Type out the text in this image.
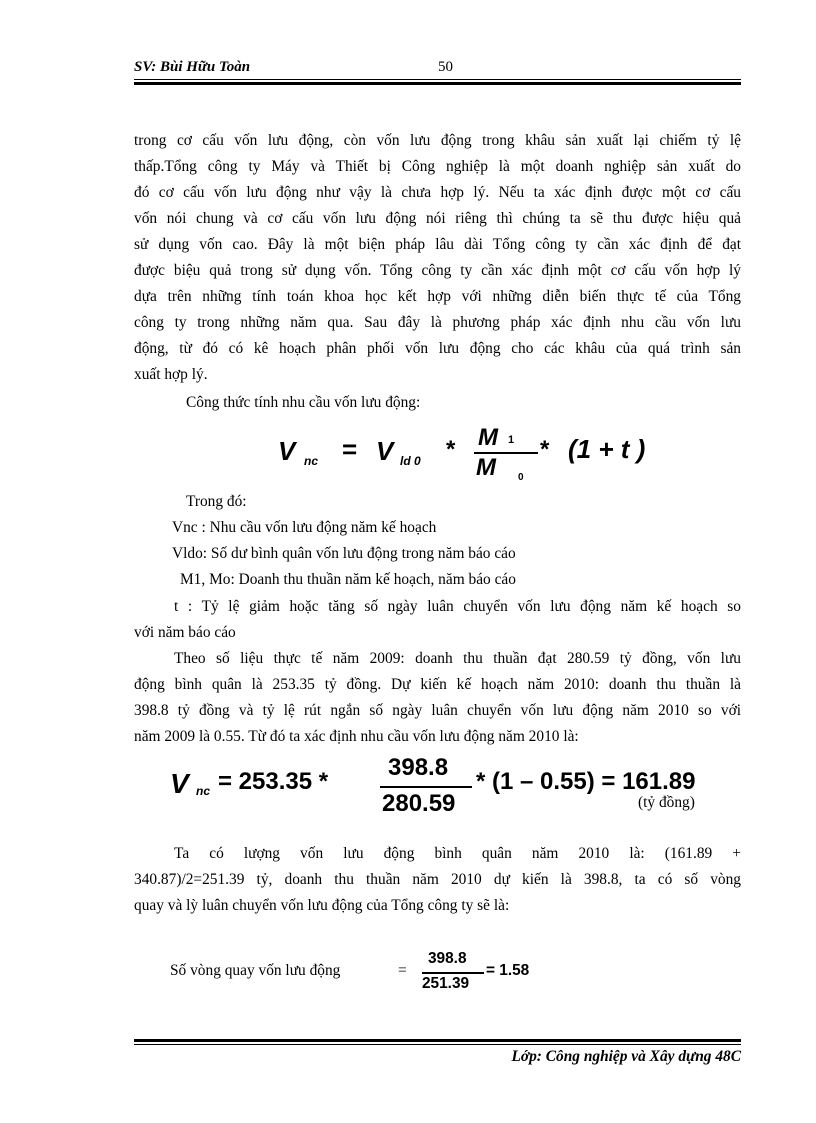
SV: Bùi Hữu Toàn	50
trong cơ cấu vốn lưu động, còn vốn lưu động trong khâu sản xuất lại chiếm tỷ lệ
thấp.Tổng công ty Máy và Thiết bị Công nghiệp là một doanh nghiệp sản xuất do
đó cơ cấu vốn lưu động như vậy là chưa hợp lý. Nếu ta xác định được một cơ cấu
vốn nói chung và cơ cấu vốn lưu động nói riêng thì chúng ta sẽ thu được hiệu quả
sử dụng vốn cao. Đây là một biện pháp lâu dài Tổng công ty cần xác định để đạt
được biệu quả trong sử dụng vốn. Tổng công ty cần xác định một cơ cấu vốn hợp lý
dựa trên những tính toán khoa học kết hợp với những diễn biến thực tế của Tổng
công ty trong những năm qua. Sau đây là phương pháp xác định nhu cầu vốn lưu
động, từ đó có kê hoạch phân phối vốn lưu động cho các khâu của quá trình sản
xuất hợp lý.
Công thức tính nhu cầu vốn lưu động:
V nc = V ld 0 * M 1
M 0
* (1 + t )
Trong đó:
Vnc : Nhu cầu vốn lưu động năm kế hoạch
Vldo: Số dư bình quân vốn lưu động trong năm báo cáo
M1, Mo: Doanh thu thuần năm kế hoạch, năm báo cáo
t : Tỷ lệ giảm hoặc tăng số ngày luân chuyển vốn lưu động năm kế hoạch so
với năm báo cáo
Theo số liệu thực tế năm 2009: doanh thu thuần đạt 280.59 tỷ đồng, vốn lưu
động bình quân là 253.35 tỷ đồng. Dự kiến kế hoạch năm 2010: doanh thu thuần là
398.8 tỷ đồng và tỷ lệ rút ngắn số ngày luân chuyển vốn lưu động năm 2010 so với
năm 2009 là 0.55. Từ đó ta xác định nhu cầu vốn lưu động năm 2010 là:
V nc = 253.35 *
398.8
280.59
* (1 – 0.55) = 161.89
(tỷ đồng)
Ta có lượng vốn lưu động bình quân năm 2010 là: (161.89 +
340.87)/2=251.39 tỷ, doanh thu thuần năm 2010 dự kiến là 398.8, ta có số vòng
quay và lỳ luân chuyển vốn lưu động của Tổng công ty sẽ là:
Số vòng quay vốn lưu động	=
398.8
251.39
= 1.58
Lớp: Công nghiệp và Xây dựng 48C
